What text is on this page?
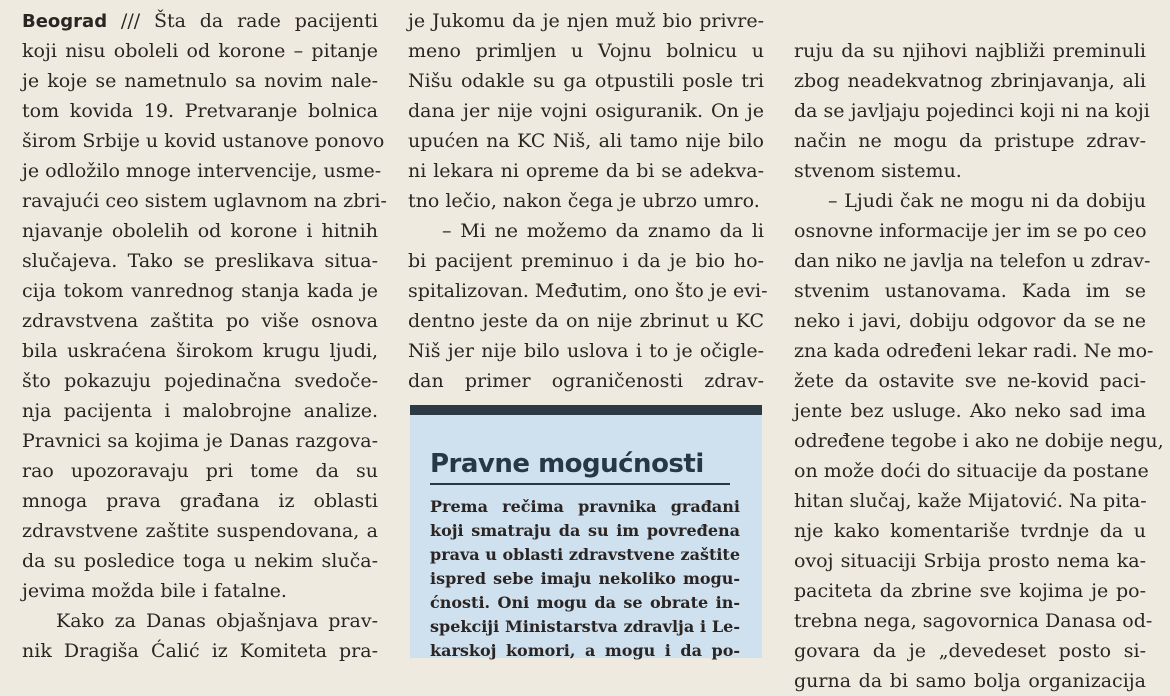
Beograd /// Šta da rade pacijenti
koji nisu oboleli od korone – pitanje
je koje se nametnulo sa novim nale-
tom kovida 19. Pretvaranje bolnica
širom Srbije u kovid ustanove ponovo
je odložilo mnoge intervencije, usme-
ravajući ceo sistem uglavnom na zbri-
njavanje obolelih od korone i hitnih
slučajeva. Tako se preslikava situa-
cija tokom vanrednog stanja kada je
zdravstvena zaštita po više osnova
bila uskraćena širokom krugu ljudi,
što pokazuju pojedinačna svedoče-
nja pacijenta i malobrojne analize.
Pravnici sa kojima je Danas razgova-
rao upozoravaju pri tome da su
mnoga prava građana iz oblasti
zdravstvene zaštite suspendovana, a
da su posledice toga u nekim sluča-
jevima možda bile i fatalne.
Kako za Danas objašnjava prav-
nik Dragiša Ćalić iz Komiteta pra-
je Jukomu da je njen muž bio privre-
meno primljen u Vojnu bolnicu u
Nišu odakle su ga otpustili posle tri
dana jer nije vojni osiguranik. On je
upućen na KC Niš, ali tamo nije bilo
ni lekara ni opreme da bi se adekva-
tno lečio, nakon čega je ubrzo umro.
– Mi ne možemo da znamo da li
bi pacijent preminuo i da je bio ho-
spitalizovan. Međutim, ono što je evi-
dentno jeste da on nije zbrinut u KC
Niš jer nije bilo uslova i to je očigle-
dan primer ograničenosti zdrav-
Pravne mogućnosti
Prema rečima pravnika građani
koji smatraju da su im povređena
prava u oblasti zdravstvene zaštite
ispred sebe imaju nekoliko mogu-
ćnosti. Oni mogu da se obrate in-
spekciji Ministarstva zdravlja i Le-
karskoj komori, a mogu i da po-
ruju da su njihovi najbliži preminuli
zbog neadekvatnog zbrinjavanja, ali
da se javljaju pojedinci koji ni na koji
način ne mogu da pristupe zdrav-
stvenom sistemu.
– Ljudi čak ne mogu ni da dobiju
osnovne informacije jer im se po ceo
dan niko ne javlja na telefon u zdrav-
stvenim ustanovama. Kada im se
neko i javi, dobiju odgovor da se ne
zna kada određeni lekar radi. Ne mo-
žete da ostavite sve ne-kovid paci-
jente bez usluge. Ako neko sad ima
određene tegobe i ako ne dobije negu,
on može doći do situacije da postane
hitan slučaj, kaže Mijatović. Na pita-
nje kako komentariše tvrdnje da u
ovoj situaciji Srbija prosto nema ka-
paciteta da zbrine sve kojima je po-
trebna nega, sagovornica Danasa od-
govara da je „devedeset posto si-
gurna da bi samo bolja organizacija
